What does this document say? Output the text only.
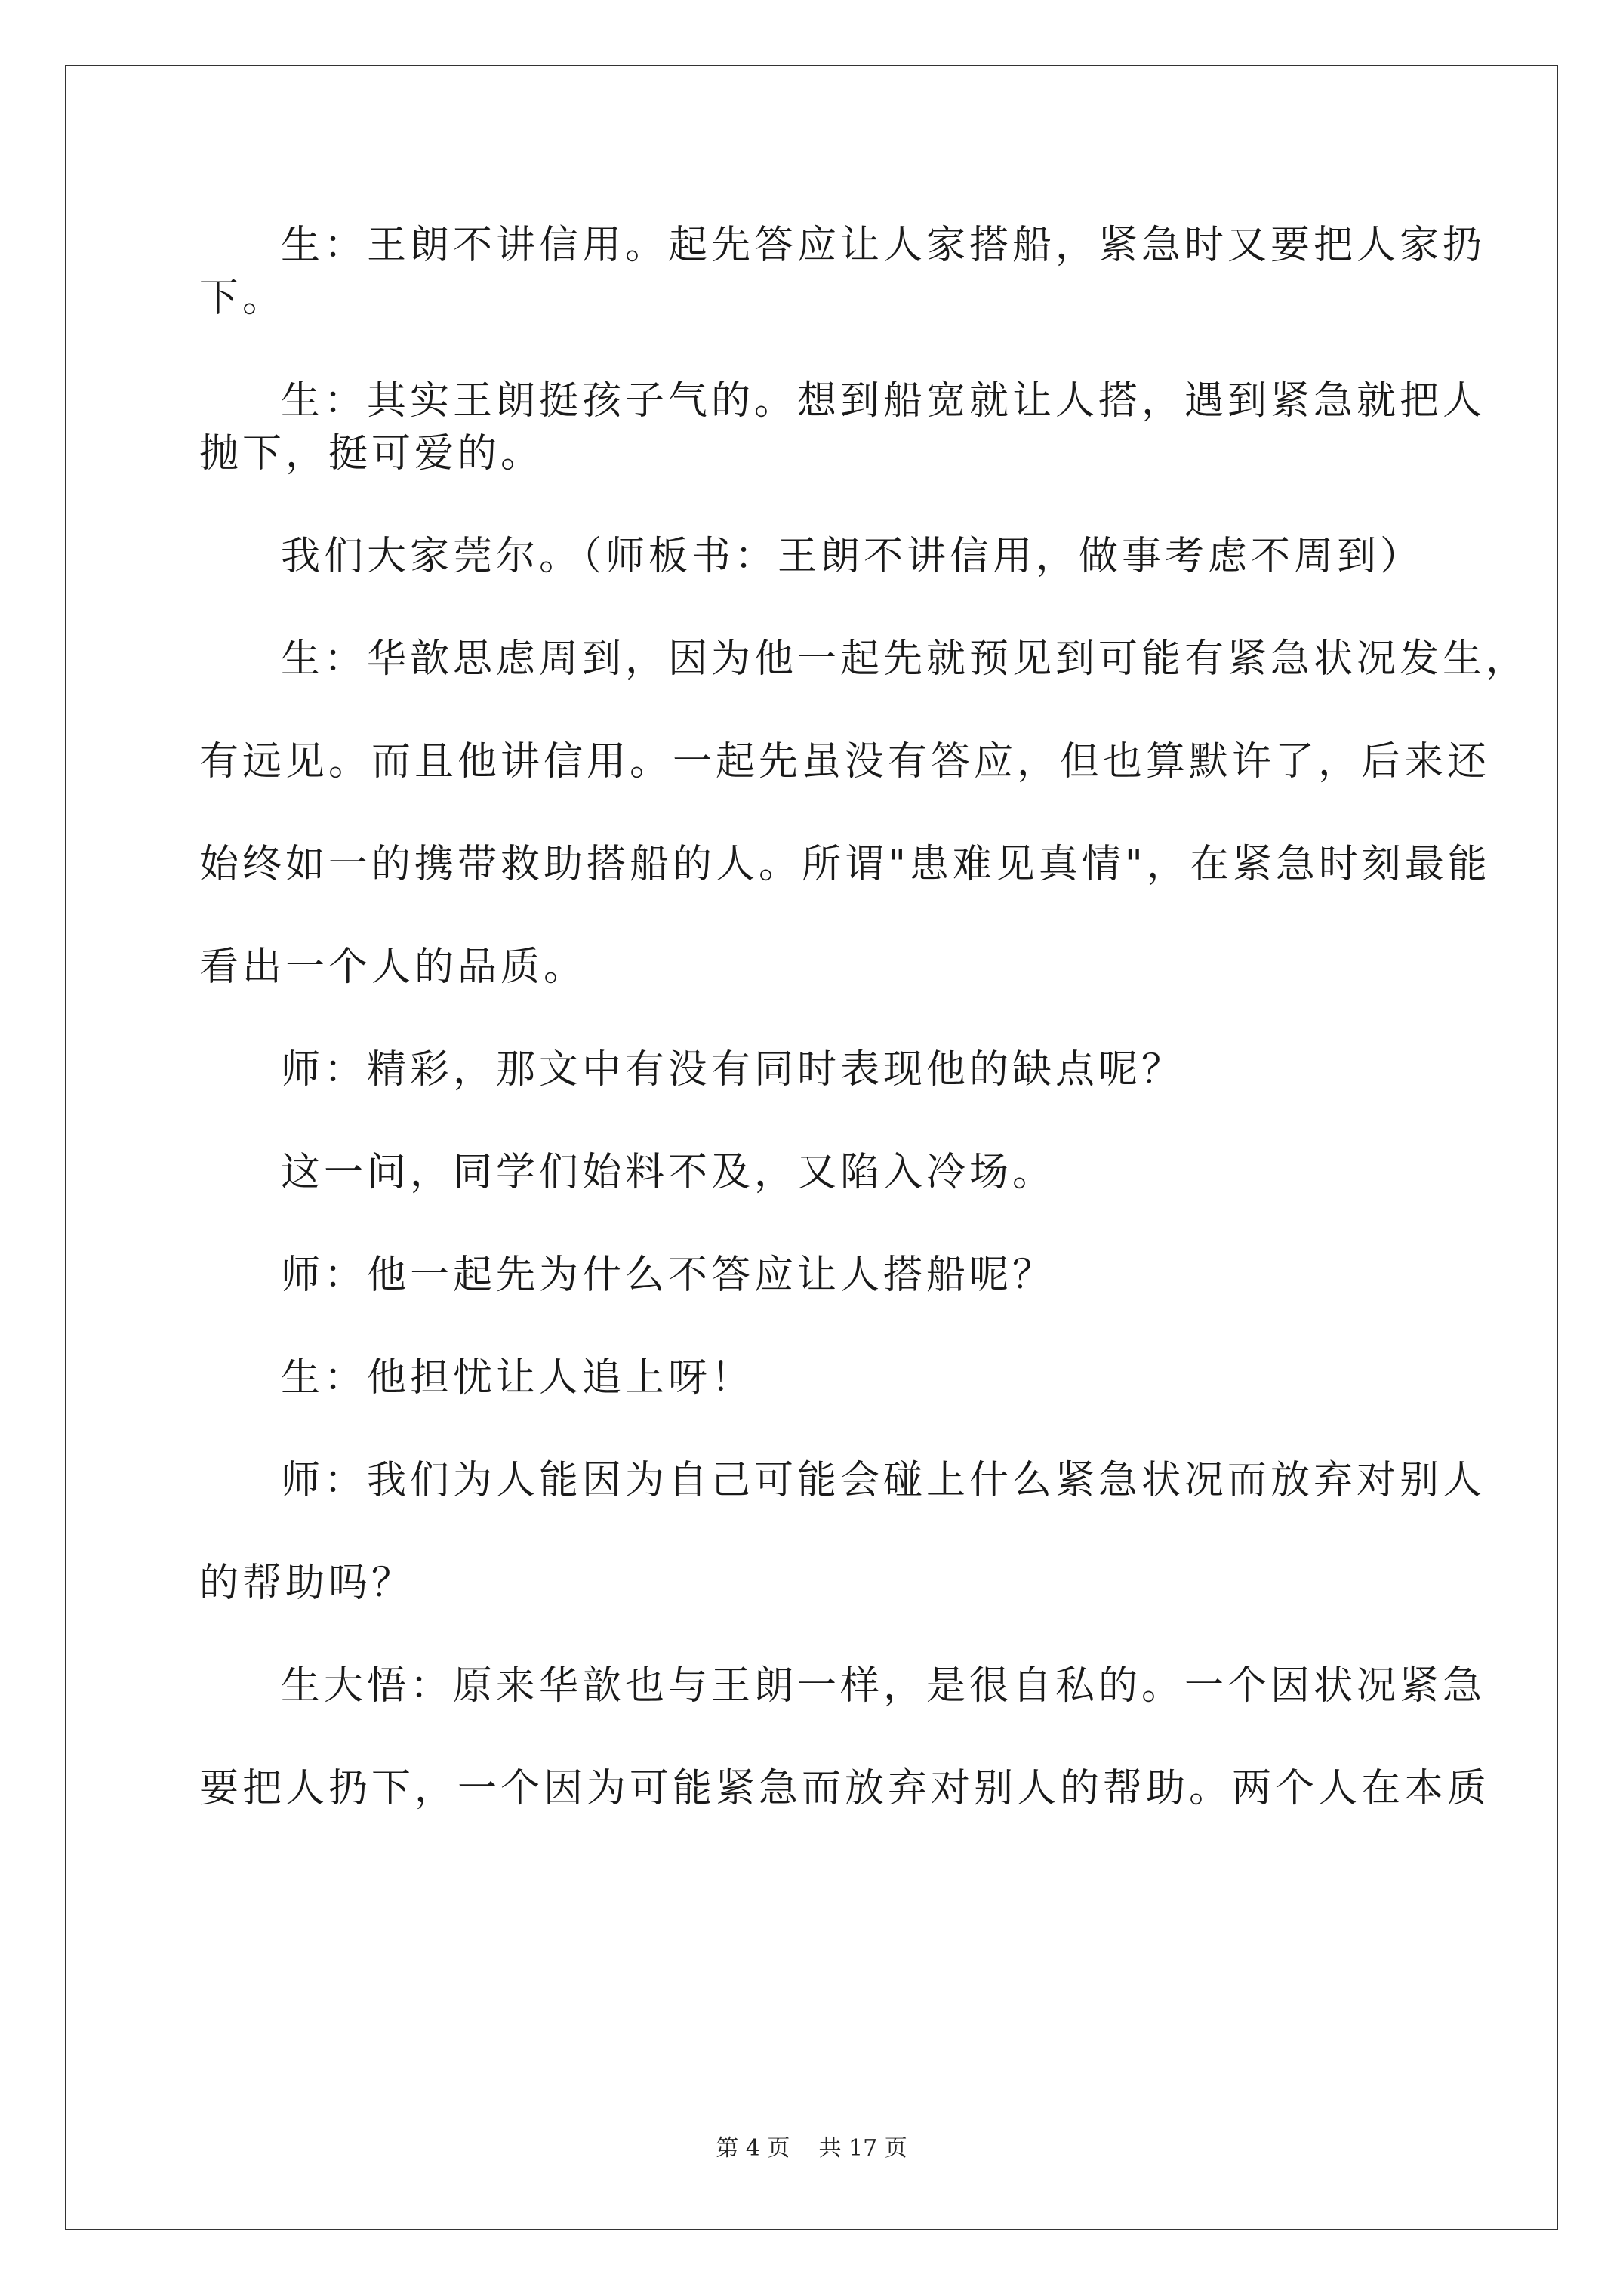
生：王朗不讲信用。起先答应让人家搭船，紧急时又要把人家扔
下。
生：其实王朗挺孩子气的。想到船宽就让人搭，遇到紧急就把人
抛下，挺可爱的。
我们大家莞尔。（师板书：王朗不讲信用，做事考虑不周到）
生：华歆思虑周到，因为他一起先就预见到可能有紧急状况发生，
有远见。而且他讲信用。一起先虽没有答应，但也算默许了，后来还
始终如一的携带救助搭船的人。所谓"患难见真情"，在紧急时刻最能
看出一个人的品质。
师：精彩，那文中有没有同时表现他的缺点呢？
这一问，同学们始料不及，又陷入冷场。
师：他一起先为什么不答应让人搭船呢？
生：他担忧让人追上呀！
师：我们为人能因为自己可能会碰上什么紧急状况而放弃对别人
的帮助吗？
生大悟：原来华歆也与王朗一样，是很自私的。一个因状况紧急
要把人扔下，一个因为可能紧急而放弃对别人的帮助。两个人在本质
第 4 页    共 17 页
